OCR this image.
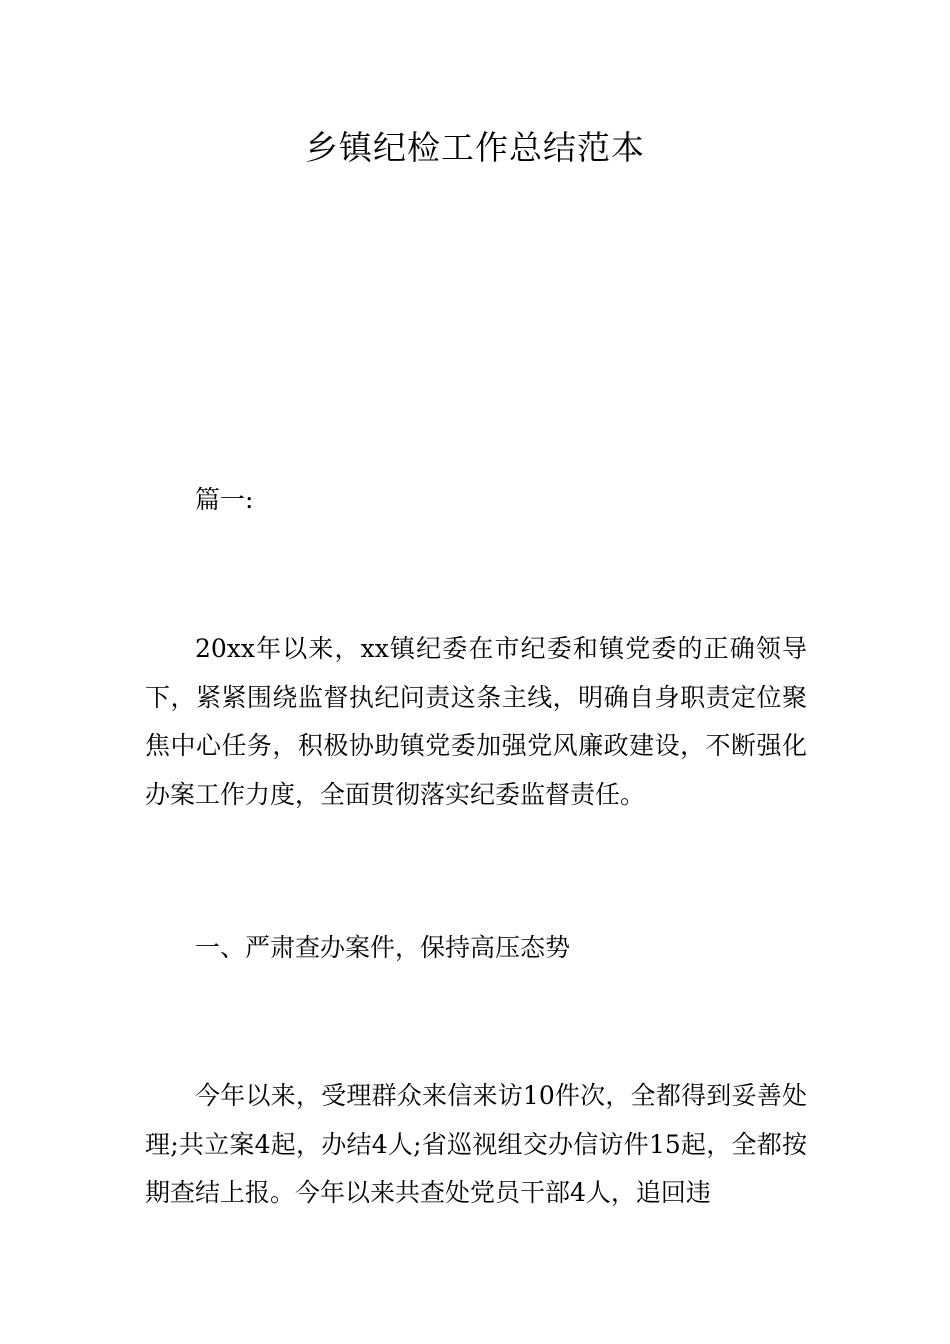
乡镇纪检工作总结范本

篇一:

20xx年以来，xx镇纪委在市纪委和镇党委的正确领导下，紧紧围绕监督执纪问责这条主线，明确自身职责定位聚焦中心任务，积极协助镇党委加强党风廉政建设，不断强化办案工作力度，全面贯彻落实纪委监督责任。

一、严肃查办案件，保持高压态势

今年以来，受理群众来信来访10件次，全都得到妥善处理;共立案4起，办结4人;省巡视组交办信访件15起，全都按期查结上报。今年以来共查处党员干部4人，追回违
